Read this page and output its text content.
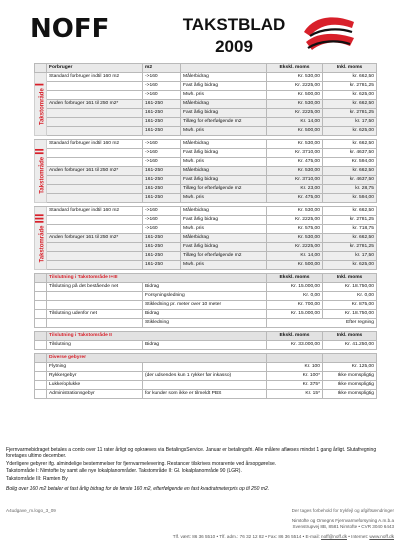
NOFF	TAKSTBLAD
2009
	Forbruger	m2		Ekskl. moms	Inkl. moms

TakstområdeI	Standard forbruger indtil 160 m2	->160	Målerbidrag	Kr. 530,00	kr. 662,50
		->160	Fast årlig bidrag	Kr. 2225,00	kr. 2781,25
		->160	Mwh. pris	Kr. 500,00	kr. 625,00
	Anden forbruger 161 til 250 m2*	161-250	Målerbidrag	Kr. 530,00	kr. 662,50
		161-250	Fast årlig bidrag	Kr. 2225,00	kr. 2781,25
		161-250	Tillæg for efterfølgende m2	Kr. 14,00	kr. 17,50
		161-250	Mwh. pris	Kr. 500,00	kr. 625,00

TakstområdeII	Standard forbruger indtil 160 m2	->160	Målerbidrag	Kr. 530,00	kr. 662,50
		->160	Fast årlig bidrag	Kr. 3710,00	kr. 4637,50
		->160	Mwh. pris	Kr. 475,00	Kr. 594,00
	Anden forbruger 161 til 250 m2*	161-250	Målerbidrag	Kr. 530,00	kr. 662,50
		161-250	Fast årlig bidrag	Kr. 3710,00	kr. 4637,50
		161-250	Tillæg for efterfølgende m2	Kr. 23,00	kr. 28,75
		161-250	Mwh. pris	Kr. 475,00	kr. 594,00

TakstområdeIII	Standard forbruger indtil 160 m2	->160	Målerbidrag	Kr. 530,00	kr. 662,50
		->160	Fast årlig bidrag	Kr. 2225,00	kr. 2781,25
		->160	Mwh. pris	Kr. 575,00	kr. 718,75
	Anden forbruger 161 til 250 m2*	161-250	Målerbidrag	Kr. 530,00	kr. 662,50
		161-250	Fast årlig bidrag	Kr. 2225,00	kr. 2781,25
		161-250	Tillæg for efterfølgende m2	Kr. 14,00	kr. 17,50
		161-250	Mwh. pris	Kr. 500,00	kr. 625,00

	Tilslutning i Takstområde I+III			Ekskl. moms	Inkl. moms
	Tilslutning på det bestående net	Bidrag		Kr. 15.000,00	Kr. 18.750,00
		Forsyningsledning		Kr. 0,00	Kr. 0,00
		Stikledning pr. meter over 10 meter		Kr. 700,00	Kr. 875,00
	Tilslutning udenfor net	Bidrag		Kr. 15.000,00	Kr. 18.750,00
		Stikledning		Efter regning	

	Tilslutning i Takstområde II			Ekskl. moms	Inkl. moms
	Tilslutning	Bidrag		Kr. 33.000,00	Kr. 41.250,00

	Diverse gebyrer				
	Flytning			Kr. 100	Kr. 125,00
	Rykkergebyr	(der udsendes kun 1 rykker før inkasso)		Kr. 100*	Ikke momspligtig
	Lukke/oplukke			Kr. 375*	Ikke momspligtig
	Administrationsgebyr	for kunder som ikke er tilmeldt PBS		Kr. 15*	Ikke momspligtig

Fjernvarmebidraget betales a conto over 11 rater årligt og opkræves via BetalingsService. Januar er betalingsfri. Alle målere aflæses mindst 1 gang årligt. Slutafregning foretages ultimo december.

Yderligere gebyrer ifg. almindelige bestemmelser for fjernvarmelevering. Restancer tilskrives morarente ved årsopgørelse.

Takstområde I: Nimtofte by samt alle nye lokalplanområder. Takstområde II: Gl. lokalplanområde 90 (LGR).

Takstområde III: Ramten By

Bolig over 160 m2 betaler et fast årlig bidrag for de første 160 m2, efterfølgende en fast kvadratmeterpris op til 250 m2.

A4udgave_m.logo_3_09	Der tages forbehold for trykfejl og afgiftsændringer
Nimtofte og Omegns Fjernvarmeforsyning A.m.b.a
Svenstrupvej 8B, 8581 Nimtofte • CVR 3040 6443
Tlf. vært: 86 36 5510 • Tlf. adm.: 76 32 12 82 • Fax: 86 36 5514 • E-mail: noff@noff.dk • Internet: www.noff.dk
